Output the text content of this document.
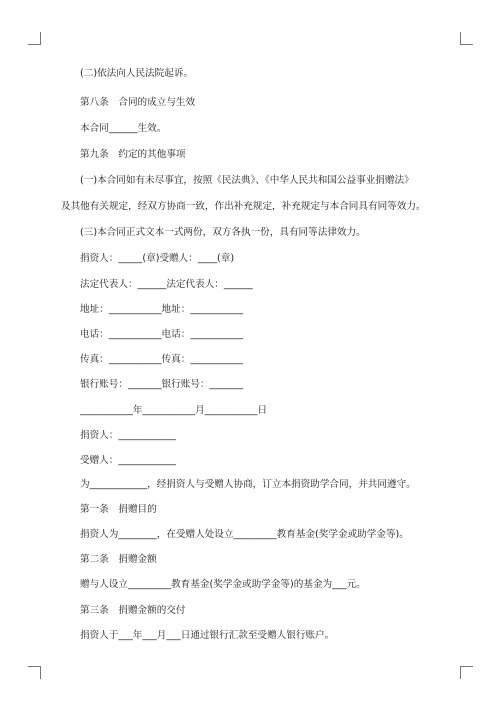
(二)依法向人民法院起诉。
第八条　合同的成立与生效
本合同______生效。
第九条　约定的其他事项
(一)本合同如有未尽事宜，按照《民法典》、《中华人民共和国公益事业捐赠法》
及其他有关规定，经双方协商一致，作出补充规定，补充规定与本合同具有同等效力。
(三)本合同正式文本一式两份，双方各执一份，具有同等法律效力。
捐资人：_____(章)受赠人：____(章)
法定代表人：______法定代表人：______
地址：___________地址：___________
电话：___________电话：___________
传真：___________传真：___________
银行账号：_______银行账号：_______
___________年___________月___________日
捐资人：____________
受赠人：____________
为____________，经捐资人与受赠人协商，订立本捐资助学合同，并共同遵守。
第一条　捐赠目的
捐资人为________，在受赠人处设立_________教育基金(奖学金或助学金等)。
第二条　捐赠金额
赠与人设立_________教育基金(奖学金或助学金等)的基金为___元。
第三条　捐赠金额的交付
捐资人于___年___月___日通过银行汇款至受赠人银行账户。
